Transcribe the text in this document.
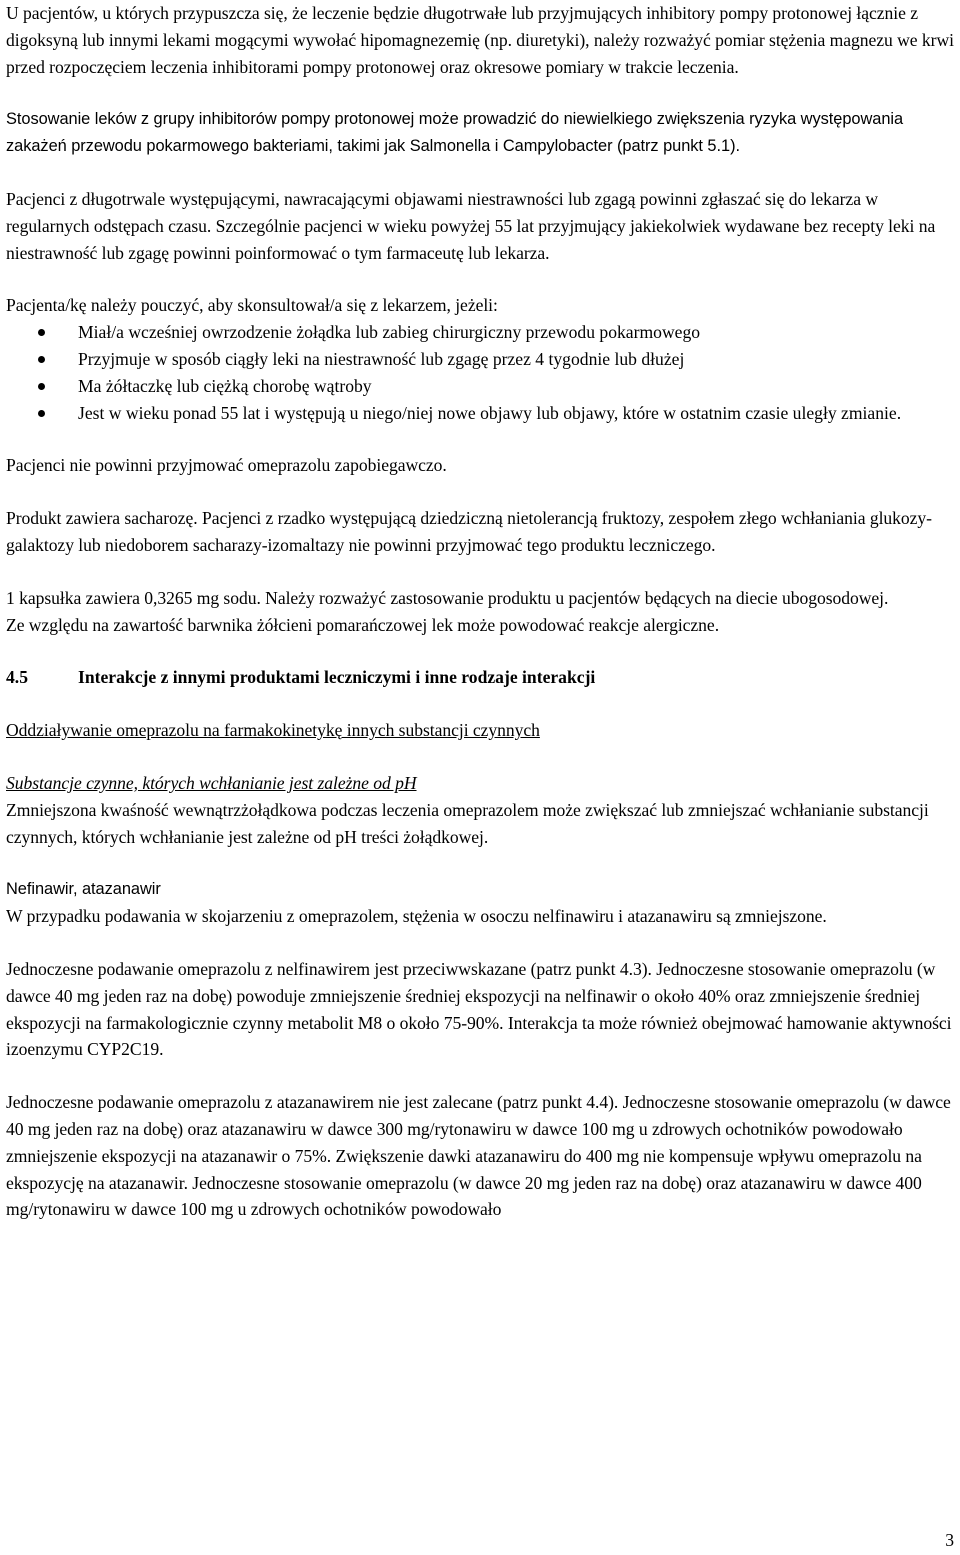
U pacjentów, u których przypuszcza się, że leczenie będzie długotrwałe lub przyjmujących inhibitory pompy protonowej łącznie z digoksyną lub innymi lekami mogącymi wywołać hipomagnezemię (np. diuretyki), należy rozważyć pomiar stężenia magnezu we krwi przed rozpoczęciem leczenia inhibitorami pompy protonowej oraz okresowe pomiary w trakcie leczenia.

Stosowanie leków z grupy inhibitorów pompy protonowej może prowadzić do niewielkiego zwiększenia ryzyka występowania zakażeń przewodu pokarmowego bakteriami, takimi jak Salmonella i Campylobacter (patrz punkt 5.1).

Pacjenci z długotrwale występującymi, nawracającymi objawami niestrawności lub zgagą powinni zgłaszać się do lekarza w regularnych odstępach czasu. Szczególnie pacjenci w wieku powyżej 55 lat przyjmujący jakiekolwiek wydawane bez recepty leki na niestrawność lub zgagę powinni poinformować o tym farmaceutę lub lekarza.

Pacjenta/kę należy pouczyć, aby skonsultował/a się z lekarzem, jeżeli:

Miał/a wcześniej owrzodzenie żołądka lub zabieg chirurgiczny przewodu pokarmowego
Przyjmuje w sposób ciągły leki na niestrawność lub zgagę przez 4 tygodnie lub dłużej
Ma żółtaczkę lub ciężką chorobę wątroby
Jest w wieku ponad 55 lat i występują u niego/niej nowe objawy lub objawy, które w ostatnim czasie uległy zmianie.

Pacjenci nie powinni przyjmować omeprazolu zapobiegawczo.

Produkt zawiera sacharozę. Pacjenci z rzadko występującą dziedziczną nietolerancją fruktozy, zespołem złego wchłaniania glukozy-galaktozy lub niedoborem sacharazy-izomaltazy nie powinni przyjmować tego produktu leczniczego.

1 kapsułka zawiera 0,3265 mg sodu. Należy rozważyć zastosowanie produktu u pacjentów będących na diecie ubogosodowej.

Ze względu na zawartość barwnika żółcieni pomarańczowej lek może powodować reakcje alergiczne.

4.5	Interakcje z innymi produktami leczniczymi i inne rodzaje interakcji

Oddziaływanie omeprazolu na farmakokinetykę innych substancji czynnych

Substancje czynne, których wchłanianie jest zależne od pH

Zmniejszona kwaśność wewnątrzżołądkowa podczas leczenia omeprazolem może zwiększać lub zmniejszać wchłanianie substancji czynnych, których wchłanianie jest zależne od pH treści żołądkowej.

Nefinawir, atazanawir

W przypadku podawania w skojarzeniu z omeprazolem, stężenia w osoczu nelfinawiru i atazanawiru są zmniejszone.

Jednoczesne podawanie omeprazolu z nelfinawirem jest przeciwwskazane (patrz punkt 4.3). Jednoczesne stosowanie omeprazolu (w dawce 40 mg jeden raz na dobę) powoduje zmniejszenie średniej ekspozycji na nelfinawir o około 40% oraz zmniejszenie średniej ekspozycji na farmakologicznie czynny metabolit M8 o około 75-90%. Interakcja ta może również obejmować hamowanie aktywności izoenzymu CYP2C19.

Jednoczesne podawanie omeprazolu z atazanawirem nie jest zalecane (patrz punkt 4.4). Jednoczesne stosowanie omeprazolu (w dawce 40 mg jeden raz na dobę) oraz atazanawiru w dawce 300 mg/rytonawiru w dawce 100 mg u zdrowych ochotników powodowało zmniejszenie ekspozycji na atazanawir o 75%. Zwiększenie dawki atazanawiru do 400 mg nie kompensuje wpływu omeprazolu na ekspozycję na atazanawir. Jednoczesne stosowanie omeprazolu (w dawce 20 mg jeden raz na dobę) oraz atazanawiru w dawce 400 mg/rytonawiru w dawce 100 mg u zdrowych ochotników powodowało

3
